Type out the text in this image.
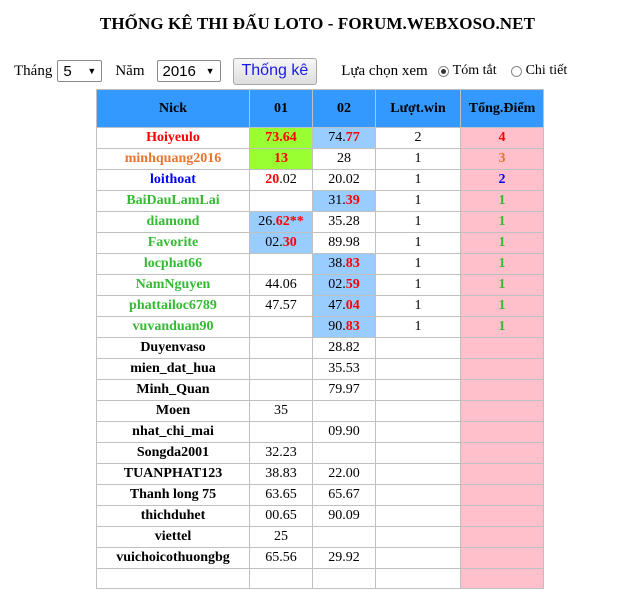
THỐNG KÊ THI ĐẤU LOTO - FORUM.WEBXOSO.NET
Tháng 5 ▼ Năm 2016 ▼	Thống kê	Lựa chọn xem Tóm tắt Chi tiết
Nick	01	02	Lượt.win	Tổng.Điểm
Hoiyeulo	73.64	74.77	2	4
minhquang2016	13	28	1	3
loithoat	20.02	20.02	1	2
BaiDauLamLai		31.39	1	1
diamond	26.62**	35.28	1	1
Favorite	02.30	89.98	1	1
locphat66		38.83	1	1
NamNguyen	44.06	02.59	1	1
phattailoc6789	47.57	47.04	1	1
vuvanduan90		90.83	1	1
Duyenvaso		28.82		
mien_dat_hua		35.53		
Minh_Quan		79.97		
Moen	35			
nhat_chi_mai		09.90		
Songda2001	32.23			
TUANPHAT123	38.83	22.00		
Thanh long 75	63.65	65.67		
thichduhet	00.65	90.09		
viettel	25			
vuichoicothuongbg	65.56	29.92		
